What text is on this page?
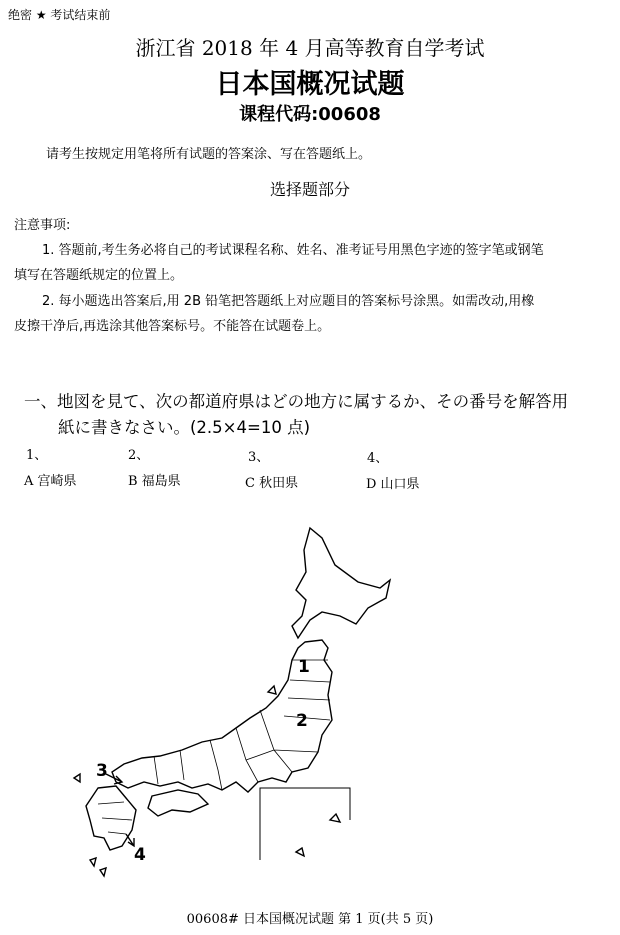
绝密 ★ 考试结束前
浙江省 2018 年 4 月高等教育自学考试
日本国概况试题
课程代码:00608
请考生按规定用笔将所有试题的答案涂、写在答题纸上。
选择题部分
注意事项:
1. 答题前,考生务必将自己的考试课程名称、姓名、准考证号用黑色字迹的签字笔或钢笔
填写在答题纸规定的位置上。
2. 每小题选出答案后,用 2B 铅笔把答题纸上对应题目的答案标号涂黑。如需改动,用橡
皮擦干净后,再选涂其他答案标号。不能答在试题卷上。
一、地図を見て、次の都道府県はどの地方に属するか、その番号を解答用
紙に書きなさい。(2.5×4=10 点)
1、	2、	3、	4、
A 宫崎県	B 福島県	C 秋田県	D 山口県
1
2
3
4
00608# 日本国概况试题 第 1 页(共 5 页)
